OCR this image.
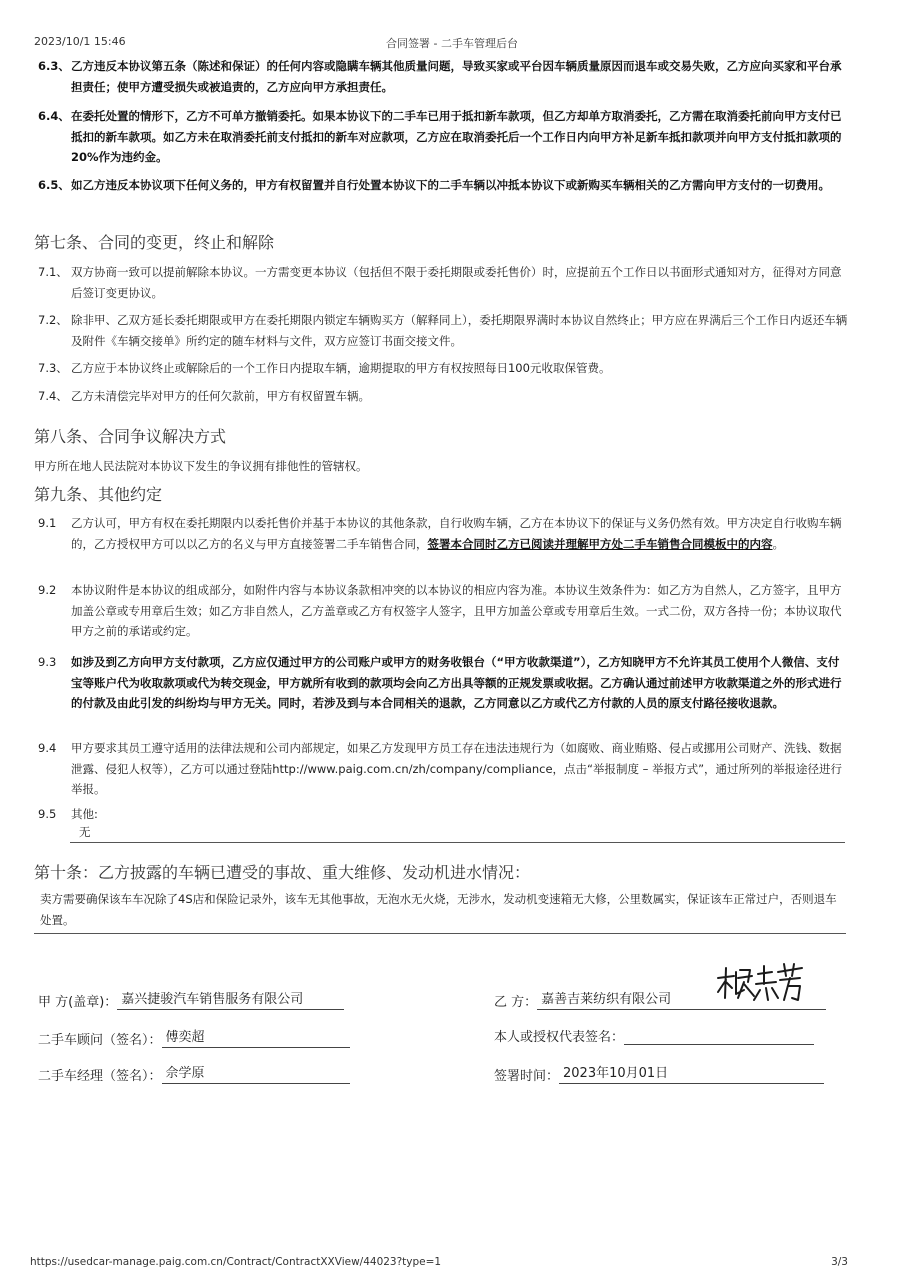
2023/10/1 15:46	合同签署 - 二手车管理后台
6.3、 乙方违反本协议第五条（陈述和保证）的任何内容或隐瞒车辆其他质量问题，导致买家或平台因车辆质量原因而退车或交易失败，乙方应向买家和平台承担责任；使甲方遭受损失或被追责的，乙方应向甲方承担责任。
6.4、 在委托处置的情形下，乙方不可单方撤销委托。如果本协议下的二手车已用于抵扣新车款项，但乙方却单方取消委托，乙方需在取消委托前向甲方支付已抵扣的新车款项。如乙方未在取消委托前支付抵扣的新车对应款项，乙方应在取消委托后一个工作日内向甲方补足新车抵扣款项并向甲方支付抵扣款项的20%作为违约金。
6.5、 如乙方违反本协议项下任何义务的，甲方有权留置并自行处置本协议下的二手车辆以冲抵本协议下或新购买车辆相关的乙方需向甲方支付的一切费用。
第七条、合同的变更，终止和解除
7.1、 双方协商一致可以提前解除本协议。一方需变更本协议（包括但不限于委托期限或委托售价）时，应提前五个工作日以书面形式通知对方，征得对方同意后签订变更协议。
7.2、 除非甲、乙双方延长委托期限或甲方在委托期限内锁定车辆购买方（解释同上），委托期限界满时本协议自然终止；甲方应在界满后三个工作日内返还车辆及附件《车辆交接单》所约定的随车材料与文件，双方应签订书面交接文件。
7.3、 乙方应于本协议终止或解除后的一个工作日内提取车辆，逾期提取的甲方有权按照每日100元收取保管费。
7.4、 乙方未清偿完毕对甲方的任何欠款前，甲方有权留置车辆。
第八条、合同争议解决方式
甲方所在地人民法院对本协议下发生的争议拥有排他性的管辖权。
第九条、其他约定
9.1 乙方认可，甲方有权在委托期限内以委托售价并基于本协议的其他条款，自行收购车辆，乙方在本协议下的保证与义务仍然有效。甲方决定自行收购车辆的，乙方授权甲方可以以乙方的名义与甲方直接签署二手车销售合同，签署本合同时乙方已阅读并理解甲方处二手车销售合同模板中的内容。
9.2 本协议附件是本协议的组成部分，如附件内容与本协议条款相冲突的以本协议的相应内容为准。本协议生效条件为：如乙方为自然人，乙方签字，且甲方加盖公章或专用章后生效；如乙方非自然人，乙方盖章或乙方有权签字人签字，且甲方加盖公章或专用章后生效。一式二份，双方各持一份；本协议取代甲方之前的承诺或约定。
9.3 如涉及到乙方向甲方支付款项，乙方应仅通过甲方的公司账户或甲方的财务收银台（“甲方收款渠道”），乙方知晓甲方不允许其员工使用个人微信、支付宝等账户代为收取款项或代为转交现金，甲方就所有收到的款项均会向乙方出具等额的正规发票或收据。乙方确认通过前述甲方收款渠道之外的形式进行的付款及由此引发的纠纷均与甲方无关。同时，若涉及到与本合同相关的退款，乙方同意以乙方或代乙方付款的人员的原支付路径接收退款。
9.4 甲方要求其员工遵守适用的法律法规和公司内部规定，如果乙方发现甲方员工存在违法违规行为（如腐败、商业贿赂、侵占或挪用公司财产、洗钱、数据泄露、侵犯人权等），乙方可以通过登陆http://www.paig.com.cn/zh/company/compliance，点击“举报制度 – 举报方式”，通过所列的举报途径进行举报。
9.5 其他:
无
第十条：乙方披露的车辆已遭受的事故、重大维修、发动机进水情况：
卖方需要确保该车车况除了4S店和保险记录外，该车无其他事故，无泡水无火烧，无涉水，发动机变速箱无大修，公里数属实，保证该车正常过户，否则退车处置。
甲 方(盖章)： 嘉兴捷骏汽车销售服务有限公司
二手车顾问（签名）： 傅奕超
二手车经理（签名）： 佘学原
乙 方： 嘉善吉莱纺织有限公司
本人或授权代表签名：
签署时间： 2023年10月01日
https://usedcar-manage.paig.com.cn/Contract/ContractXXView/44023?type=1	3/3
